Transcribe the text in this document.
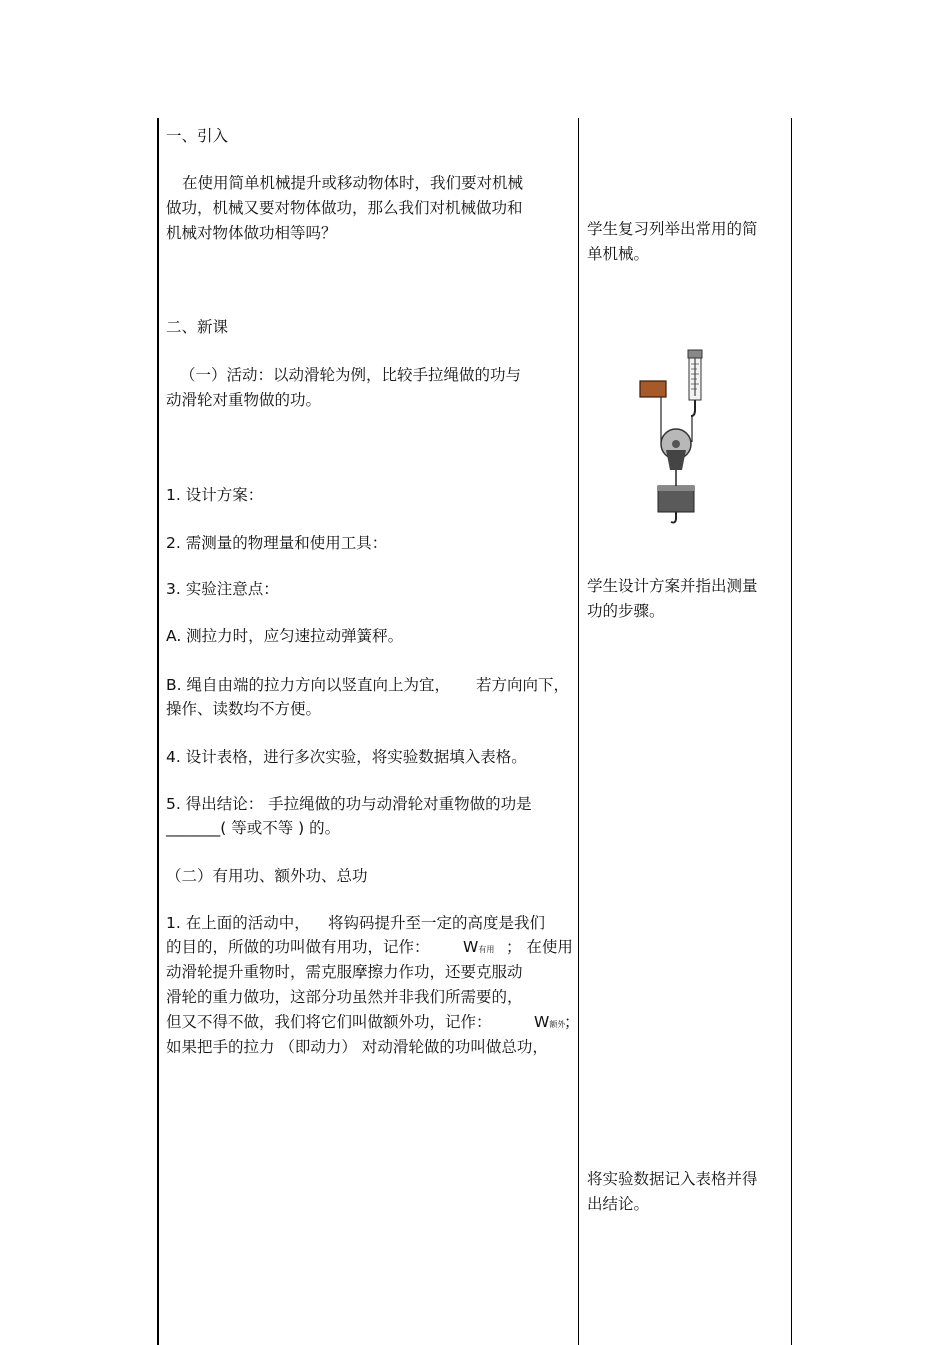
一、引入
在使用简单机械提升或移动物体时，我们要对机械
做功，机械又要对物体做功，那么我们对机械做功和
机械对物体做功相等吗？
二、新课
（一）活动：以动滑轮为例，比较手拉绳做的功与
动滑轮对重物做的功。
1. 设计方案：
2. 需测量的物理量和使用工具：
3. 实验注意点：
A. 测拉力时，应匀速拉动弹簧秤。
B. 绳自由端的拉力方向以竖直向上为宜， 若方向向下，
操作、读数均不方便。
4. 设计表格，进行多次实验，将实验数据填入表格。
5. 得出结论： 手拉绳做的功与动滑轮对重物做的功是
_______( 等或不等 ) 的。
（二）有用功、额外功、总功
1. 在上面的活动中， 将钩码提升至一定的高度是我们
的目的，所做的功叫做有用功，记作： W有用 ； 在使用
动滑轮提升重物时，需克服摩擦力作功，还要克服动
滑轮的重力做功，这部分功虽然并非我们所需要的，
但又不得不做，我们将它们叫做额外功，记作：	W额外
；
如果把手的拉力 （即动力） 对动滑轮做的功叫做总功，
学生复习列举出常用的简
单机械。
学生设计方案并指出测量
功的步骤。
将实验数据记入表格并得
出结论。
